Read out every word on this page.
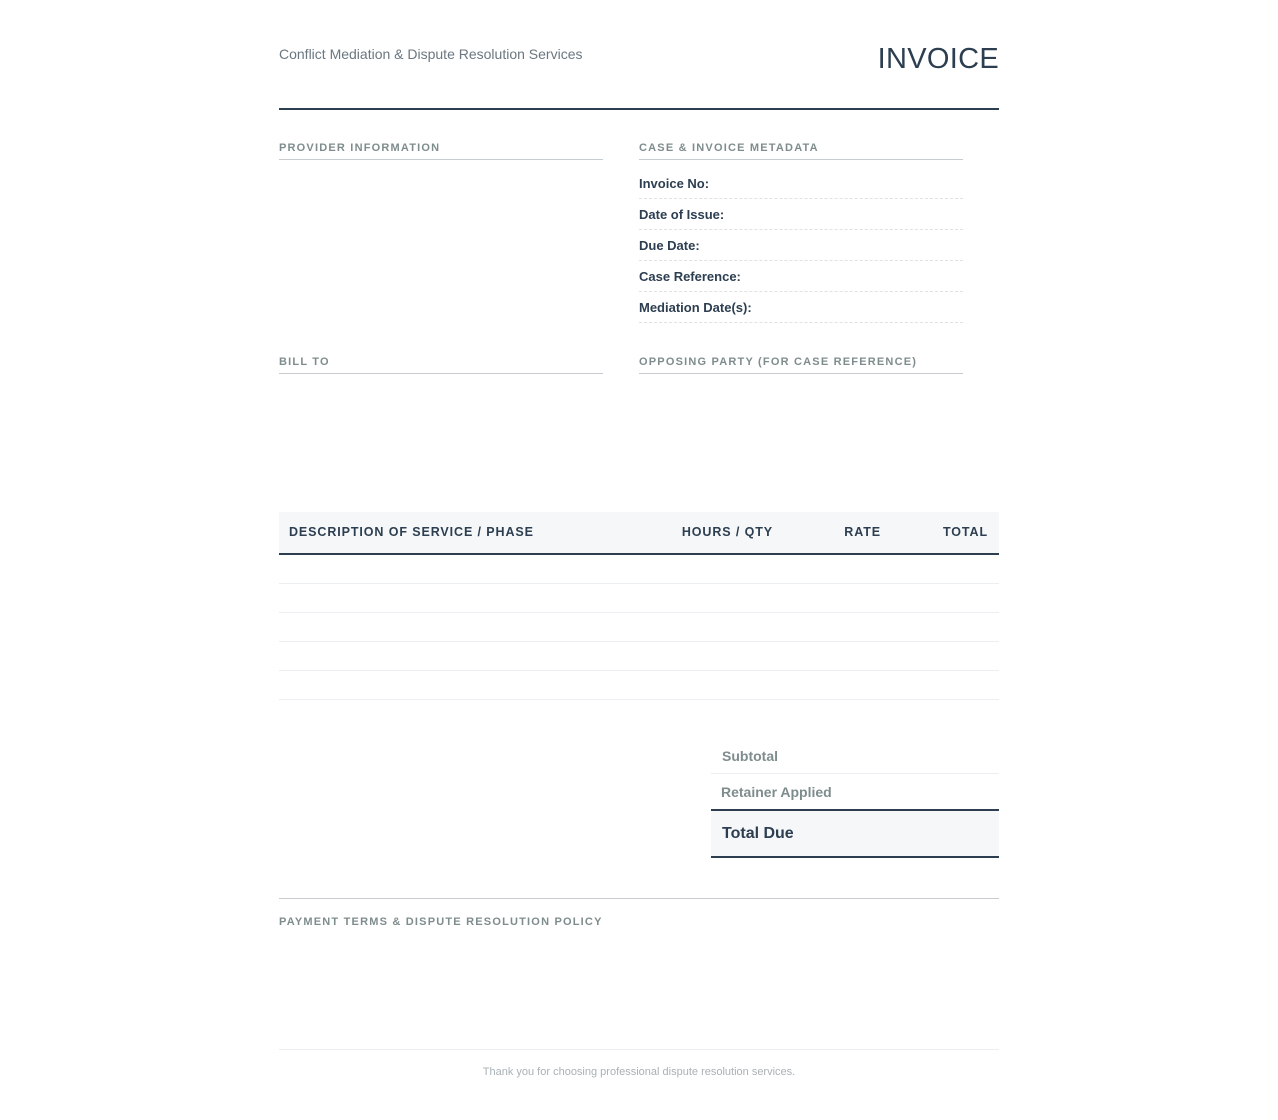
Conflict Mediation & Dispute Resolution Services	INVOICE
PROVIDER INFORMATION	CASE & INVOICE METADATA
Invoice No:
Date of Issue:
Due Date:
Case Reference:
Mediation Date(s):
BILL TO	OPPOSING PARTY (FOR CASE REFERENCE)
DESCRIPTION OF SERVICE / PHASE	HOURS / QTY	RATE	TOTAL
Subtotal
Retainer Applied
Total Due
PAYMENT TERMS & DISPUTE RESOLUTION POLICY
Thank you for choosing professional dispute resolution services.
